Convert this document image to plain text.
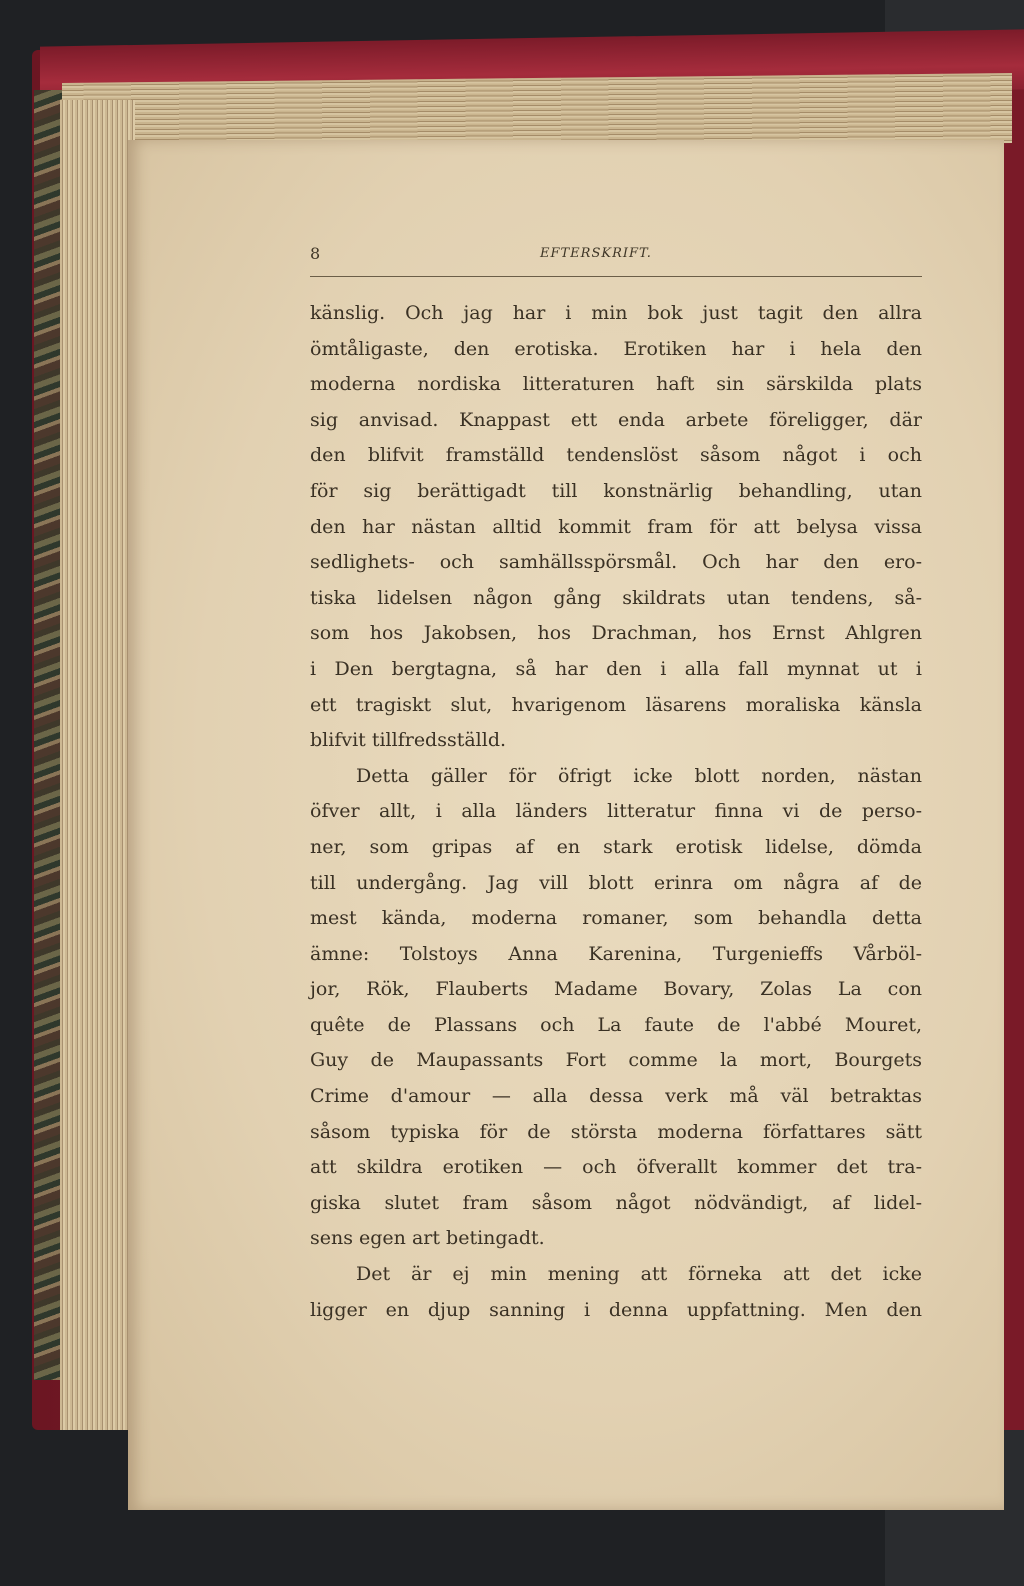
8	EFTERSKRIFT.
känslig. Och jag har i min bok just tagit den allra
ömtåligaste, den erotiska. Erotiken har i hela den
moderna nordiska litteraturen haft sin särskilda plats
sig anvisad. Knappast ett enda arbete föreligger, där
den blifvit framställd tendenslöst såsom något i och
för sig berättigadt till konstnärlig behandling, utan
den har nästan alltid kommit fram för att belysa vissa
sedlighets- och samhällsspörsmål. Och har den ero-
tiska lidelsen någon gång skildrats utan tendens, så-
som hos Jakobsen, hos Drachman, hos Ernst Ahlgren
i Den bergtagna, så har den i alla fall mynnat ut i
ett tragiskt slut, hvarigenom läsarens moraliska känsla
blifvit tillfredsställd.
Detta gäller för öfrigt icke blott norden, nästan
öfver allt, i alla länders litteratur finna vi de perso-
ner, som gripas af en stark erotisk lidelse, dömda
till undergång. Jag vill blott erinra om några af de
mest kända, moderna romaner, som behandla detta
ämne: Tolstoys Anna Karenina, Turgenieffs Vårböl-
jor, Rök, Flauberts Madame Bovary, Zolas La con
quête de Plassans och La faute de l'abbé Mouret,
Guy de Maupassants Fort comme la mort, Bourgets
Crime d'amour — alla dessa verk må väl betraktas
såsom typiska för de största moderna författares sätt
att skildra erotiken — och öfverallt kommer det tra-
giska slutet fram såsom något nödvändigt, af lidel-
sens egen art betingadt.
Det är ej min mening att förneka att det icke
ligger en djup sanning i denna uppfattning. Men den
